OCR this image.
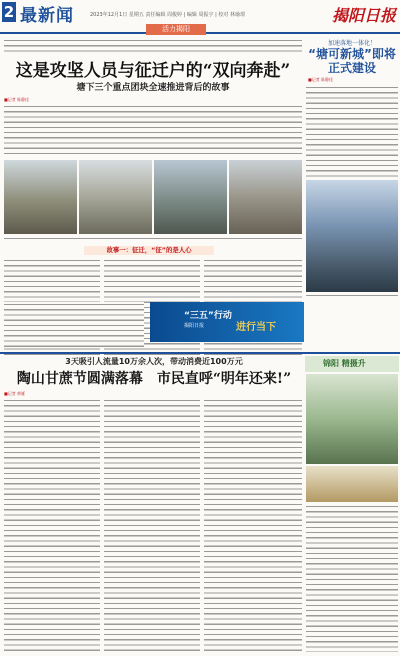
2 最新闻	2023年12月1日 星期五 责任编辑 周俊婷 | 编辑 周振宇 | 校对 林瑜璟	揭阳日报
活力揭阳
这是攻坚人员与征迁户的“双向奔赴”
塘下三个重点团块全速推进背后的故事
■记者 陈静佳
故事一：征迁，“征”的是人心
加速落地一体化！
“塘可新城”即将正式建设
■记者 陈静佳
“三五”行动
进行当下
揭阳日报
3天吸引人流量10万余人次，带动消费近100万元
陶山甘蔗节圆满落幕　市民直呼“明年还来!”
■记者 黄雁
锦阳 精摄升
